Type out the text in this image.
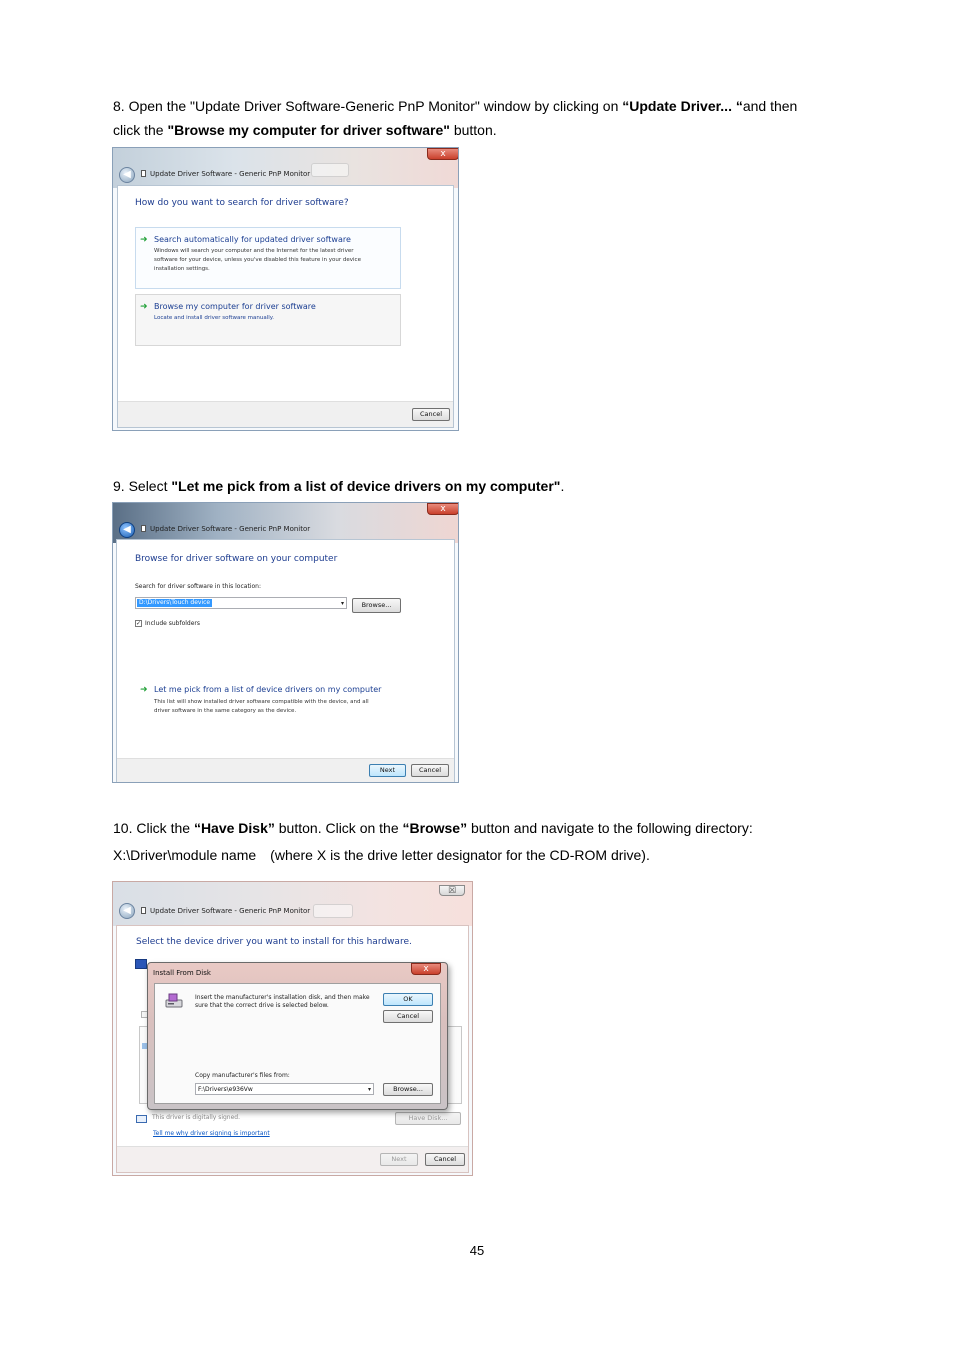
8. Open the "Update Driver Software-Generic PnP Monitor" window by clicking on “Update Driver... “and then
click the "Browse my computer for driver software" button.
x
◀	Update Driver Software - Generic PnP Monitor
How do you want to search for driver software?
➜ Search automatically for updated driver software
Windows will search your computer and the Internet for the latest driver
software for your device, unless you've disabled this feature in your device
installation settings.
➜ Browse my computer for driver software
Locate and install driver software manually.
Cancel
9. Select "Let me pick from a list of device drivers on my computer".
x
◀	Update Driver Software - Generic PnP Monitor
Browse for driver software on your computer
Search for driver software in this location:
D:\Drivers\Touch device	▾	Browse...
✓ Include subfolders
➜ Let me pick from a list of device drivers on my computer
This list will show installed driver software compatible with the device, and all
driver software in the same category as the device.
Next	Cancel
10. Click the “Have Disk” button. Click on the “Browse” button and navigate to the following directory:
X:\Driver\module name (where X is the drive letter designator for the CD-ROM drive).
☒
◀	Update Driver Software - Generic PnP Monitor
Select the device driver you want to install for this hardware.
This driver is digitally signed.	Have Disk...
Tell me why driver signing is important
Next	Cancel
Install From Disk	x
Insert the manufacturer's installation disk, and then make
sure that the correct drive is selected below.
OK
Cancel
Copy manufacturer's files from:
F:\Drivers\e936Vw	▾	Browse...
45
